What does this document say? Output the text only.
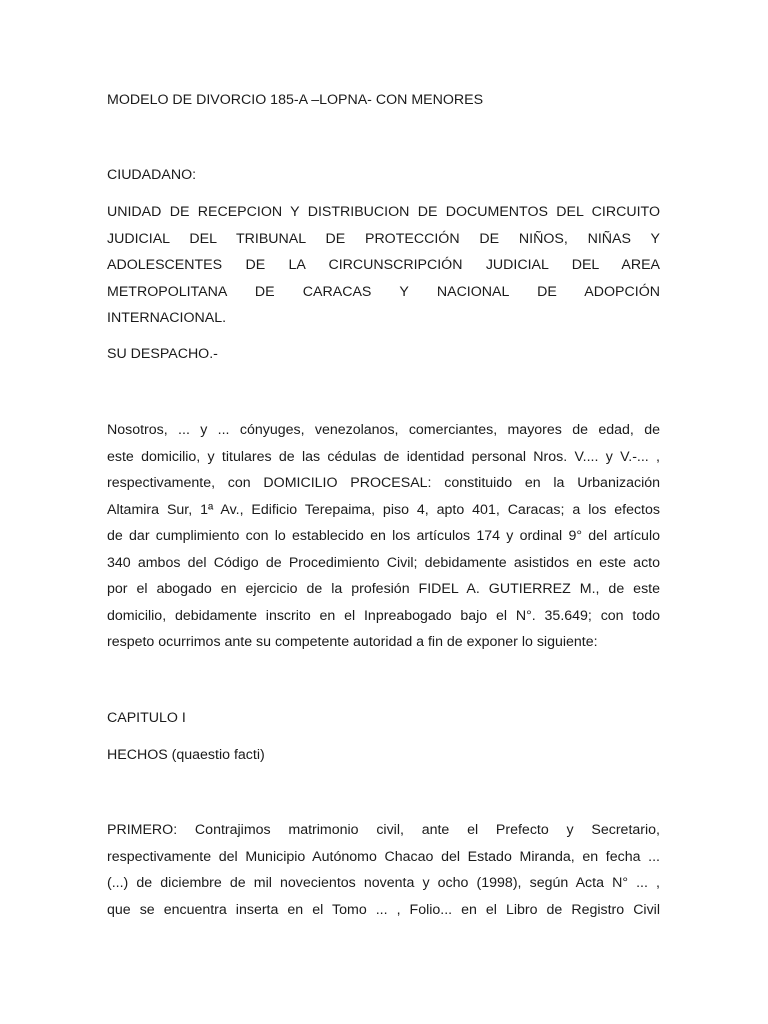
MODELO DE DIVORCIO 185-A –LOPNA- CON MENORES

CIUDADANO:

UNIDAD DE RECEPCION Y DISTRIBUCION DE DOCUMENTOS DEL CIRCUITO

JUDICIAL DEL TRIBUNAL DE PROTECCIÓN DE NIÑOS, NIÑAS Y

ADOLESCENTES DE LA CIRCUNSCRIPCIÓN JUDICIAL DEL AREA

METROPOLITANA DE CARACAS Y NACIONAL DE ADOPCIÓN

INTERNACIONAL.

SU DESPACHO.-

Nosotros, ... y ... cónyuges, venezolanos, comerciantes, mayores de edad, de

este domicilio, y titulares de las cédulas de identidad personal Nros. V.... y V.-... ,

respectivamente, con DOMICILIO PROCESAL: constituido en la Urbanización

Altamira Sur, 1ª Av., Edificio Terepaima, piso 4, apto 401, Caracas; a los efectos

de dar cumplimiento con lo establecido en los artículos 174 y ordinal 9° del artículo

340 ambos del Código de Procedimiento Civil; debidamente asistidos en este acto

por el abogado en ejercicio de la profesión FIDEL A. GUTIERREZ M., de este

domicilio, debidamente inscrito en el Inpreabogado bajo el N°. 35.649; con todo

respeto ocurrimos ante su competente autoridad a fin de exponer lo siguiente:

CAPITULO I

HECHOS (quaestio facti)

PRIMERO: Contrajimos matrimonio civil, ante el Prefecto y Secretario,

respectivamente del Municipio Autónomo Chacao del Estado Miranda, en fecha ...

(...) de diciembre de mil novecientos noventa y ocho (1998), según Acta N° ... ,

que se encuentra inserta en el Tomo ... , Folio... en el Libro de Registro Civil
